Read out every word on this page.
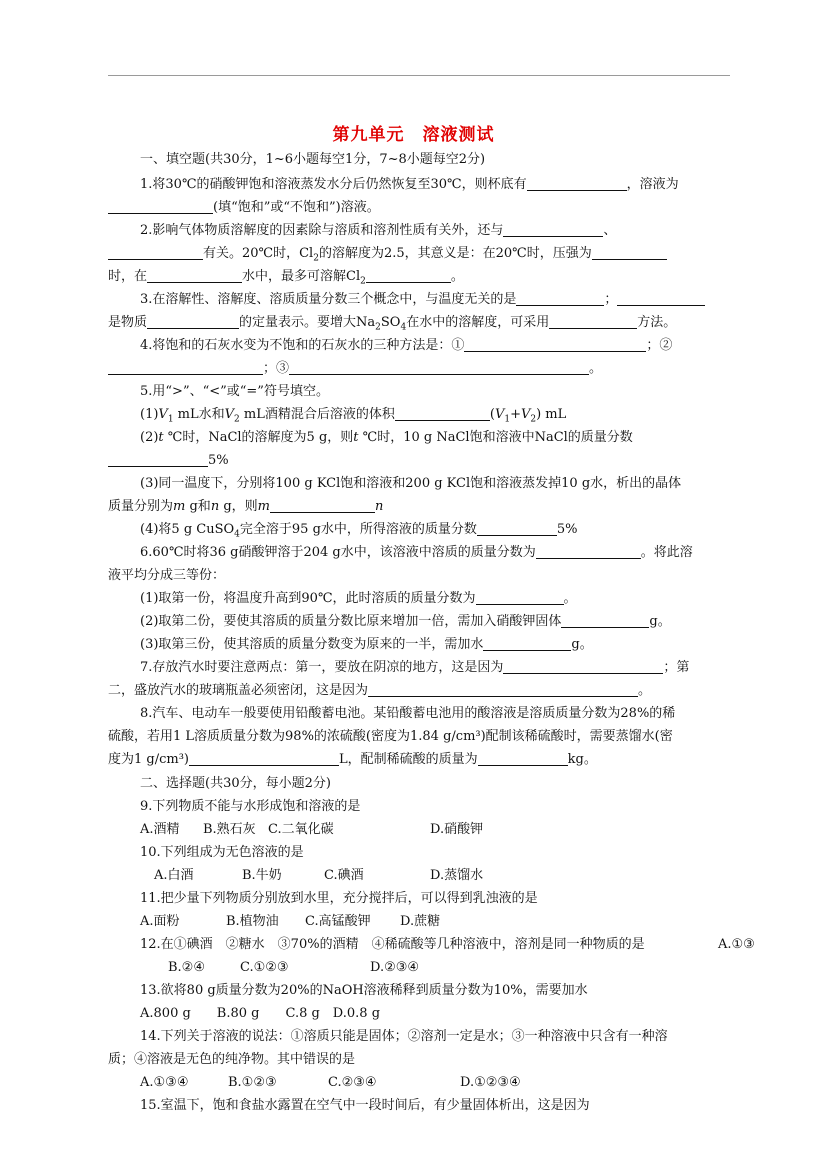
第九单元　溶液测试
一、填空题(共30分，1~6小题每空1分，7~8小题每空2分)
1.将30℃的硝酸钾饱和溶液蒸发水分后仍然恢复至30℃，则杯底有	，溶液为
(填“饱和”或“不饱和”)溶液。
2.影响气体物质溶解度的因素除与溶质和溶剂性质有关外，还与	、
有关。20℃时，$Cl_2$的溶解度为2.5，其意义是：在20℃时，压强为
时，在	水中，最多可溶解$Cl_2$	。
3.在溶解性、溶解度、溶质质量分数三个概念中，与温度无关的是	；
是物质	的定量表示。要增大$Na_2SO_4$在水中的溶解度，可采用	方法。
4.将饱和的石灰水变为不饱和的石灰水的三种方法是：①	；②
；③	。
5.用“>”、“<”或“=”符号填空。
$(1)V_1$ mL水和$V_2$ mL酒精混合后溶液的体积	$(V_1+V_2)$ mL
(2)t ℃时，NaCl的溶解度为5 g，则t ℃时，10 g NaCl饱和溶液中NaCl的质量分数
5%
(3)同一温度下，分别将100 g KCl饱和溶液和200 g KCl饱和溶液蒸发掉10 g水，析出的晶体
质量分别为m g和n g，则m	n
(4)将5 g CuSO$_4$完全溶于95 g水中，所得溶液的质量分数	5%
6.60℃时将36 g硝酸钾溶于204 g水中，该溶液中溶质的质量分数为	。将此溶
液平均分成三等份：
(1)取第一份，将温度升高到90℃，此时溶质的质量分数为	。
(2)取第二份，要使其溶质的质量分数比原来增加一倍，需加入硝酸钾固体	g。
(3)取第三份，使其溶质的质量分数变为原来的一半，需加水	g。
7.存放汽水时要注意两点：第一，要放在阴凉的地方，这是因为	；第
二，盛放汽水的玻璃瓶盖必须密闭，这是因为	。
8.汽车、电动车一般要使用铅酸蓄电池。某铅酸蓄电池用的酸溶液是溶质质量分数为28%的稀
硫酸，若用1 L溶质质量分数为98%的浓硫酸(密度为1.84 g/cm³)配制该稀硫酸时，需要蒸馏水(密
度为1 g/cm³)	L，配制稀硫酸的质量为	kg。
二、选择题(共30分，每小题2分)
9.下列物质不能与水形成饱和溶液的是
A.酒精 B.熟石灰 C.二氧化碳	D.硝酸钾
10.下列组成为无色溶液的是
A.白酒	B.牛奶	C.碘酒	D.蒸馏水
11.把少量下列物质分别放到水里，充分搅拌后，可以得到乳浊液的是
A.面粉	B.植物油 C.高锰酸钾 D.蔗糖
12.在①碘酒　②糖水　③70%的酒精　④稀硫酸等几种溶液中，溶剂是同一种物质的是	A.①③
B.②④	C.①②③	D.②③④
13.欲将80 g质量分数为20%的NaOH溶液稀释到质量分数为10%，需要加水
A.800 g　　B.80 g　　C.8 g　D.0.8 g
14.下列关于溶液的说法：①溶质只能是固体；②溶剂一定是水；③一种溶液中只含有一种溶
质；④溶液是无色的纯净物。其中错误的是
A.①③④	B.①②③	C.②③④	D.①②③④
15.室温下，饱和食盐水露置在空气中一段时间后，有少量固体析出，这是因为
